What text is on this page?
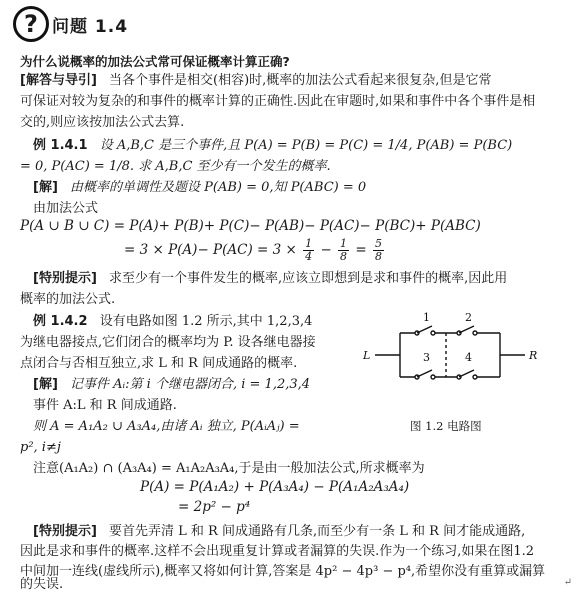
? 问题 1.4
为什么说概率的加法公式常可保证概率计算正确?
[解答与导引] 当各个事件是相交(相容)时,概率的加法公式看起来很复杂,但是它常
可保证对较为复杂的和事件的概率计算的正确性.因此在审题时,如果和事件中各个事件是相
交的,则应该按加法公式去算.
例 1.4.1 设 A,B,C 是三个事件,且 P(A) = P(B) = P(C) = 1/4, P(AB) = P(BC)
= 0, P(AC) = 1/8. 求 A,B,C 至少有一个发生的概率.
[解] 由概率的单调性及题设 P(AB) = 0,知 P(ABC) = 0
由加法公式
P(A ∪ B ∪ C) = P(A)+ P(B)+ P(C)− P(AB)− P(AC)− P(BC)+ P(ABC)
= $3 \times P(A)- P(AC) = 3 \times \frac{1}{4} - \frac{1}{8} = \frac{5}{8}$
[特别提示] 求至少有一个事件发生的概率,应该立即想到是求和事件的概率,因此用
概率的加法公式.
例 1.4.2 设有电路如图 1.2 所示,其中 1,2,3,4
为继电器接点,它们闭合的概率均为 P. 设各继电器接
点闭合与否相互独立,求 L 和 R 间成通路的概率.
[解] 记事件 Aᵢ:第 i 个继电器闭合, i = 1,2,3,4
事件 A:L 和 R 间成通路.
则 A = A₁A₂ ∪ A₃A₄,由诸 Aᵢ 独立, P(AᵢAⱼ) =
p², i≠j
注意(A₁A₂) ∩ (A₃A₄) = A₁A₂A₃A₄,于是由一般加法公式,所求概率为
P(A) = P(A₁A₂) + P(A₃A₄) − P(A₁A₂A₃A₄)
= 2p² − p⁴
[特别提示] 要首先弄清 L 和 R 间成通路有几条,而至少有一条 L 和 R 间才能成通路,
因此是求和事件的概率.这样不会出现重复计算或者漏算的失误.作为一个练习,如果在图1.2
中间加一连线(虚线所示),概率又将如何计算,答案是 4p² − 4p³ − p⁴,希望你没有重算或漏算
的失误.
1	2
3	4
L	R
图 1.2 电路图
↵
